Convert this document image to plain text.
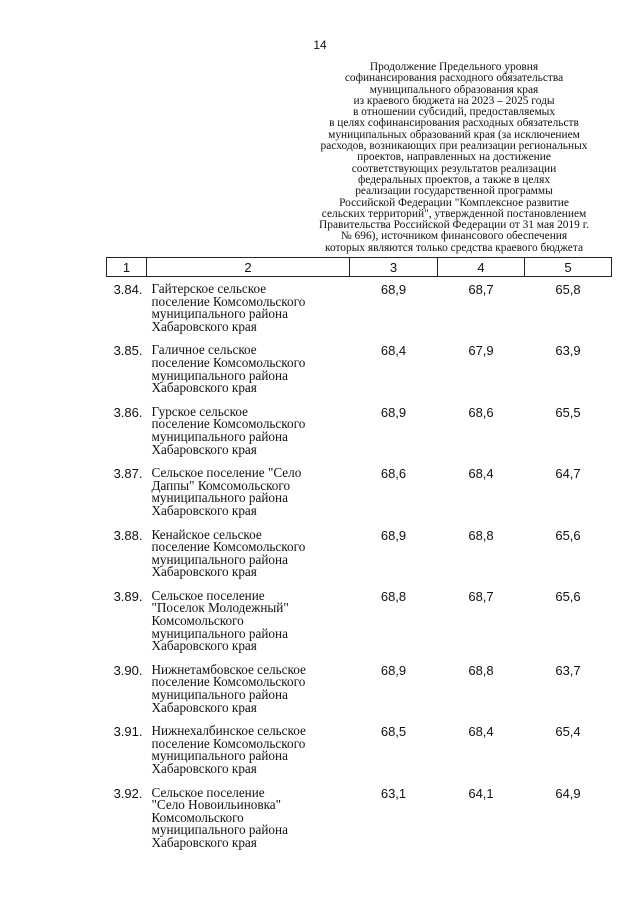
14
Продолжение Предельного уровня
софинансирования расходного обязательства
муниципального образования края
из краевого бюджета на 2023 – 2025 годы
в отношении субсидий, предоставляемых
в целях софинансирования расходных обязательств
муниципальных образований края (за исключением
расходов, возникающих при реализации региональных
проектов, направленных на достижение
соответствующих результатов реализации
федеральных проектов, а также в целях
реализации государственной программы
Российской Федерации "Комплексное развитие
сельских территорий", утвержденной постановлением
Правительства Российской Федерации от 31 мая 2019 г.
№ 696), источником финансового обеспечения
которых являются только средства краевого бюджета
1	2	3	4	5
3.84.	Гайтерское сельское
поселение Комсомольского
муниципального района
Хабаровского края	68,9	68,7	65,8
3.85.	Галичное сельское
поселение Комсомольского
муниципального района
Хабаровского края	68,4	67,9	63,9
3.86.	Гурское сельское
поселение Комсомольского
муниципального района
Хабаровского края	68,9	68,6	65,5
3.87.	Сельское поселение "Село
Даппы" Комсомольского
муниципального района
Хабаровского края	68,6	68,4	64,7
3.88.	Кенайское сельское
поселение Комсомольского
муниципального района
Хабаровского края	68,9	68,8	65,6
3.89.	Сельское поселение
"Поселок Молодежный"
Комсомольского
муниципального района
Хабаровского края	68,8	68,7	65,6
3.90.	Нижнетамбовское сельское
поселение Комсомольского
муниципального района
Хабаровского края	68,9	68,8	63,7
3.91.	Нижнехалбинское сельское
поселение Комсомольского
муниципального района
Хабаровского края	68,5	68,4	65,4
3.92.	Сельское поселение
"Село Новоильиновка"
Комсомольского
муниципального района
Хабаровского края	63,1	64,1	64,9
